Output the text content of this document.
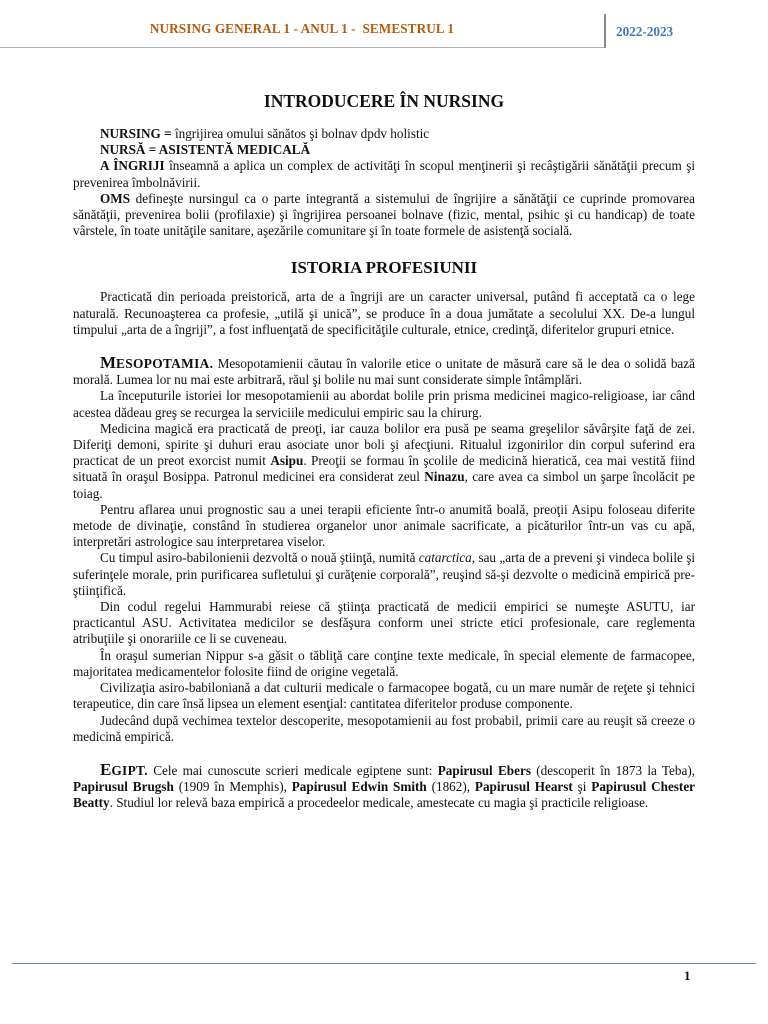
NURSING GENERAL 1 - ANUL 1 -  SEMESTRUL 1	2022-2023
INTRODUCERE ÎN NURSING

NURSING = îngrijirea omului sănătos şi bolnav dpdv holistic

NURSĂ = ASISTENTĂ MEDICALĂ

A ÎNGRIJI înseamnă a aplica un complex de activităţi în scopul menţinerii şi recâştigării sănătăţii precum şi prevenirea îmbolnăvirii.

OMS defineşte nursingul ca o parte integrantă a sistemului de îngrijire a sănătăţii ce cuprinde promovarea sănătăţii, prevenirea bolii (profilaxie) şi îngrijirea persoanei bolnave (fizic, mental, psihic şi cu handicap) de toate vârstele, în toate unităţile sanitare, aşezările comunitare şi în toate formele de asistenţă socială.

ISTORIA PROFESIUNII

Practicată din perioada preistorică, arta de a îngriji are un caracter universal, putând fi acceptată ca o lege naturală. Recunoaşterea ca profesie, „utilă şi unică”, se produce în a doua jumătate a secolului XX. De-a lungul timpului „arta de a îngriji”, a fost influenţată de specificităţile culturale, etnice, credinţă, diferitelor grupuri etnice.

MESOPOTAMIA. Mesopotamienii căutau în valorile etice o unitate de măsură care să le dea o solidă bază morală. Lumea lor nu mai este arbitrară, răul şi bolile nu mai sunt considerate simple întâmplări.

La începuturile istoriei lor mesopotamienii au abordat bolile prin prisma medicinei magico-religioase, iar când acestea dădeau greş se recurgea la serviciile medicului empiric sau la chirurg.

Medicina magică era practicată de preoţi, iar cauza bolilor era pusă pe seama greşelilor săvârşite faţă de zei. Diferiţi demoni, spirite şi duhuri erau asociate unor boli şi afecţiuni. Ritualul izgonirilor din corpul suferind era practicat de un preot exorcist numit Asipu. Preoţii se formau în şcolile de medicină hieratică, cea mai vestită fiind situată în oraşul Bosippa. Patronul medicinei era considerat zeul Ninazu, care avea ca simbol un şarpe încolăcit pe toiag.

Pentru aflarea unui prognostic sau a unei terapii eficiente într-o anumită boală, preoţii Asipu foloseau diferite metode de divinaţie, constând în studierea organelor unor animale sacrificate, a picăturilor într-un vas cu apă, interpretări astrologice sau interpretarea viselor.

Cu timpul asiro-babilonienii dezvoltă o nouă ştiinţă, numită catarctica, sau „arta de a preveni şi vindeca bolile şi suferinţele morale, prin purificarea sufletului şi curăţenie corporală”, reuşind să-şi dezvolte o medicină empirică pre-ştiinţifică.

Din codul regelui Hammurabi reiese că ştiinţa practicată de medicii empirici se numeşte ASUTU, iar practicantul ASU. Activitatea medicilor se desfăşura conform unei stricte etici profesionale, care reglementa atribuţiile şi onorariile ce li se cuveneau.

În oraşul sumerian Nippur s-a găsit o tăbliţă care conţine texte medicale, în special elemente de farmacopee, majoritatea medicamentelor folosite fiind de origine vegetală.

Civilizaţia asiro-babiloniană a dat culturii medicale o farmacopee bogată, cu un mare număr de reţete şi tehnici terapeutice, din care însă lipsea un element esenţial: cantitatea diferitelor produse componente.

Judecând după vechimea textelor descoperite, mesopotamienii au fost probabil, primii care au reuşit să creeze o medicină empirică.

EGIPT. Cele mai cunoscute scrieri medicale egiptene sunt: Papirusul Ebers (descoperit în 1873 la Teba), Papirusul Brugsh (1909 în Memphis), Papirusul Edwin Smith (1862), Papirusul Hearst şi Papirusul Chester Beatty. Studiul lor relevă baza empirică a procedeelor medicale, amestecate cu magia şi practicile religioase.

1
